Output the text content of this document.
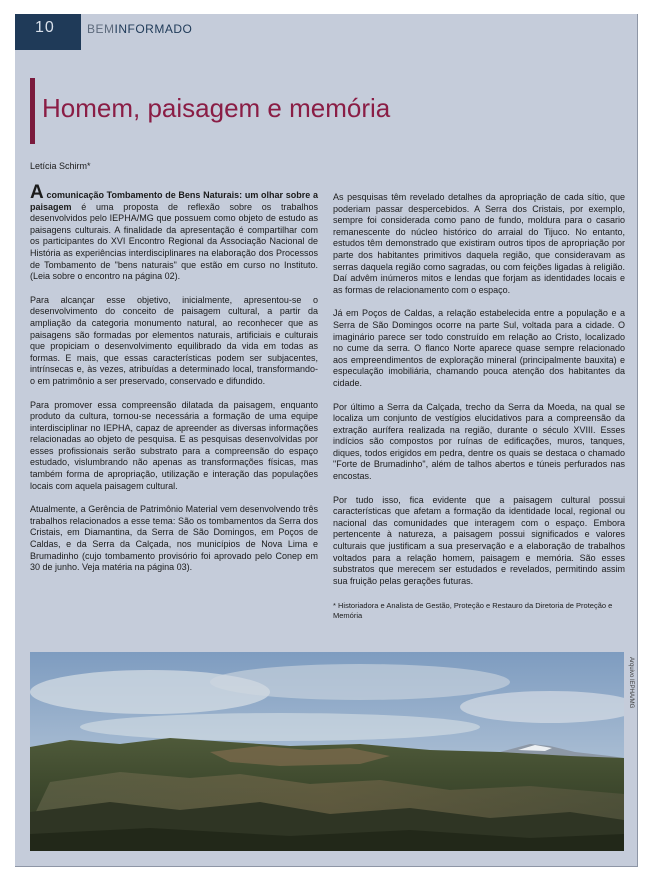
10	BEMINFORMADO
Homem, paisagem e memória
Letícia Schirm*

A comunicação Tombamento de Bens Naturais: um olhar sobre a paisagem é uma proposta de reflexão sobre os trabalhos desenvolvidos pelo IEPHA/MG que possuem como objeto de estudo as paisagens culturais. A finalidade da apresentação é compartilhar com os participantes do XVI Encontro Regional da Associação Nacional de História as experiências interdisciplinares na elaboração dos Processos de Tombamento de "bens naturais" que estão em curso no Instituto. (Leia sobre o encontro na página 02).

Para alcançar esse objetivo, inicialmente, apresentou-se o desenvolvimento do conceito de paisagem cultural, a partir da ampliação da categoria monumento natural, ao reconhecer que as paisagens são formadas por elementos naturais, artificiais e culturais que propiciam o desenvolvimento equilibrado da vida em todas as formas. E mais, que essas características podem ser subjacentes, intrínsecas e, às vezes, atribuídas a determinado local, transformando-o em patrimônio a ser preservado, conservado e difundido.

Para promover essa compreensão dilatada da paisagem, enquanto produto da cultura, tornou-se necessária a formação de uma equipe interdisciplinar no IEPHA, capaz de apreender as diversas informações relacionadas ao objeto de pesquisa. E as pesquisas desenvolvidas por esses profissionais serão substrato para a compreensão do espaço estudado, vislumbrando não apenas as transformações físicas, mas também forma de apropriação, utilização e interação das populações locais com aquela paisagem cultural.

Atualmente, a Gerência de Patrimônio Material vem desenvolvendo três trabalhos relacionados a esse tema: São os tombamentos da Serra dos Cristais, em Diamantina, da Serra de São Domingos, em Poços de Caldas, e da Serra da Calçada, nos municípios de Nova Lima e Brumadinho (cujo tombamento provisório foi aprovado pelo Conep em 30 de junho. Veja matéria na página 03).

As pesquisas têm revelado detalhes da apropriação de cada sítio, que poderiam passar despercebidos. A Serra dos Cristais, por exemplo, sempre foi considerada como pano de fundo, moldura para o casario remanescente do núcleo histórico do arraial do Tijuco. No entanto, estudos têm demonstrado que existiram outros tipos de apropriação por parte dos habitantes primitivos daquela região, que consideravam as serras daquela região como sagradas, ou com feições ligadas à religião. Daí advêm inúmeros mitos e lendas que forjam as identidades locais e as formas de relacionamento com o espaço.

Já em Poços de Caldas, a relação estabelecida entre a população e a Serra de São Domingos ocorre na parte Sul, voltada para a cidade. O imaginário parece ser todo construído em relação ao Cristo, localizado no cume da serra. O flanco Norte aparece quase sempre relacionado aos empreendimentos de exploração mineral (principalmente bauxita) e especulação imobiliária, chamando pouca atenção dos habitantes da cidade.

Por último a Serra da Calçada, trecho da Serra da Moeda, na qual se localiza um conjunto de vestígios elucidativos para a compreensão da extração aurífera realizada na região, durante o século XVIII. Esses indícios são compostos por ruínas de edificações, muros, tanques, diques, todos erigidos em pedra, dentre os quais se destaca o chamado "Forte de Brumadinho", além de talhos abertos e túneis perfurados nas encostas.

Por tudo isso, fica evidente que a paisagem cultural possui características que afetam a formação da identidade local, regional ou nacional das comunidades que interagem com o espaço. Embora pertencente à natureza, a paisagem possui significados e valores culturais que justificam a sua preservação e a elaboração de trabalhos voltados para a relação homem, paisagem e memória. São esses substratos que merecem ser estudados e revelados, permitindo assim sua fruição pelas gerações futuras.

* Historiadora e Analista de Gestão, Proteção e Restauro da Diretoria de Proteção e Memória

Arquivo IEPHA/MG
